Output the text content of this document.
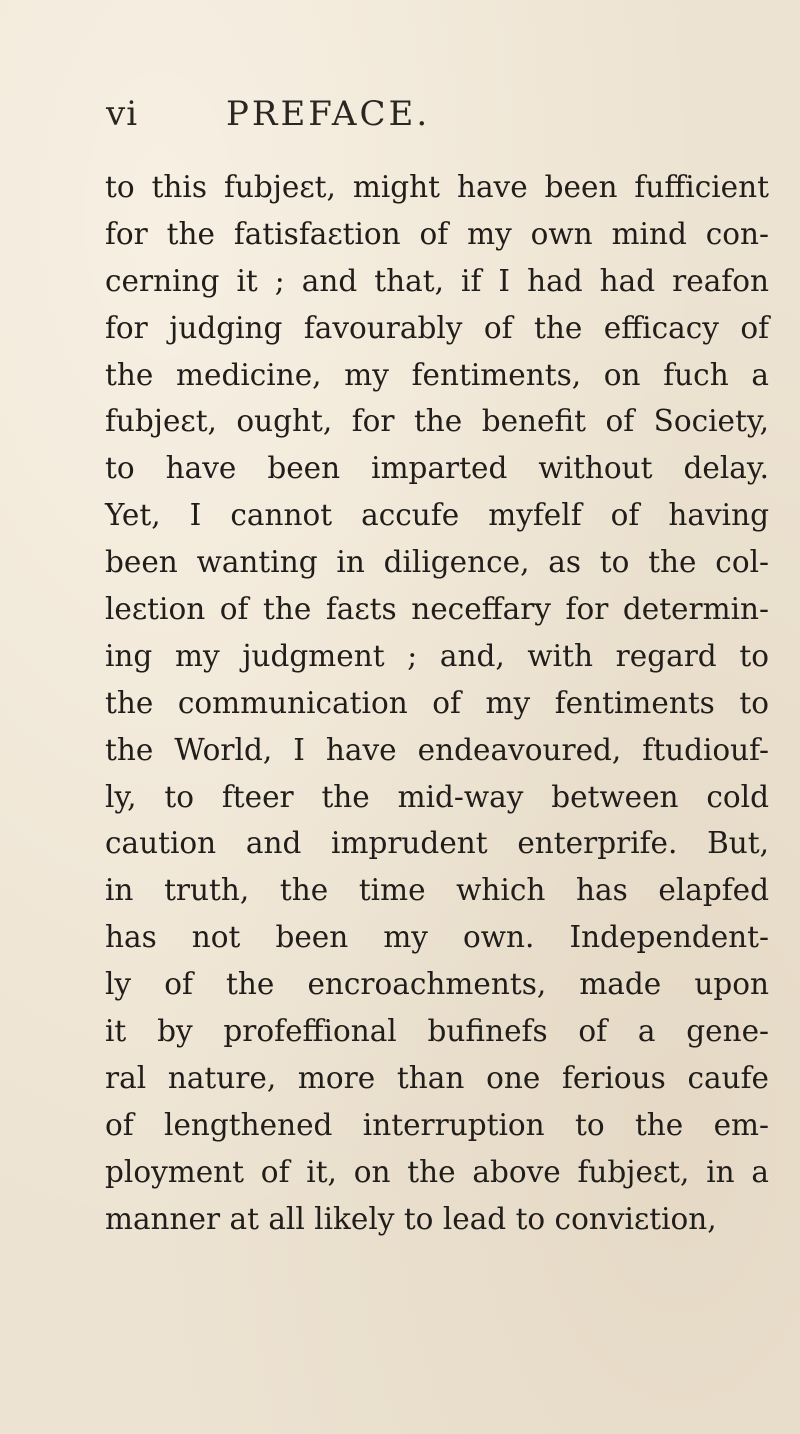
vi	PREFACE.
to this fubjeɛt, might have been fufficient
for the fatisfaɛtion of my own mind con-
cerning it ; and that, if I had had reafon
for judging favourably of the efficacy of
the medicine, my fentiments, on fuch a
fubjeɛt, ought, for the benefit of Society,
to have been imparted without delay.
Yet, I cannot accufe myfelf of having
been wanting in diligence, as to the col-
leɛtion of the faɛts neceffary for determin-
ing my judgment ; and, with regard to
the communication of my fentiments to
the World, I have endeavoured, ftudiouf-
ly, to fteer the mid-way between cold
caution and imprudent enterprife. But,
in truth, the time which has elapfed
has not been my own. Independent-
ly of the encroachments, made upon
it by profeffional bufinefs of a gene-
ral nature, more than one ferious caufe
of lengthened interruption to the em-
ployment of it, on the above fubjeɛt, in a
manner at all likely to lead to conviɛtion,
